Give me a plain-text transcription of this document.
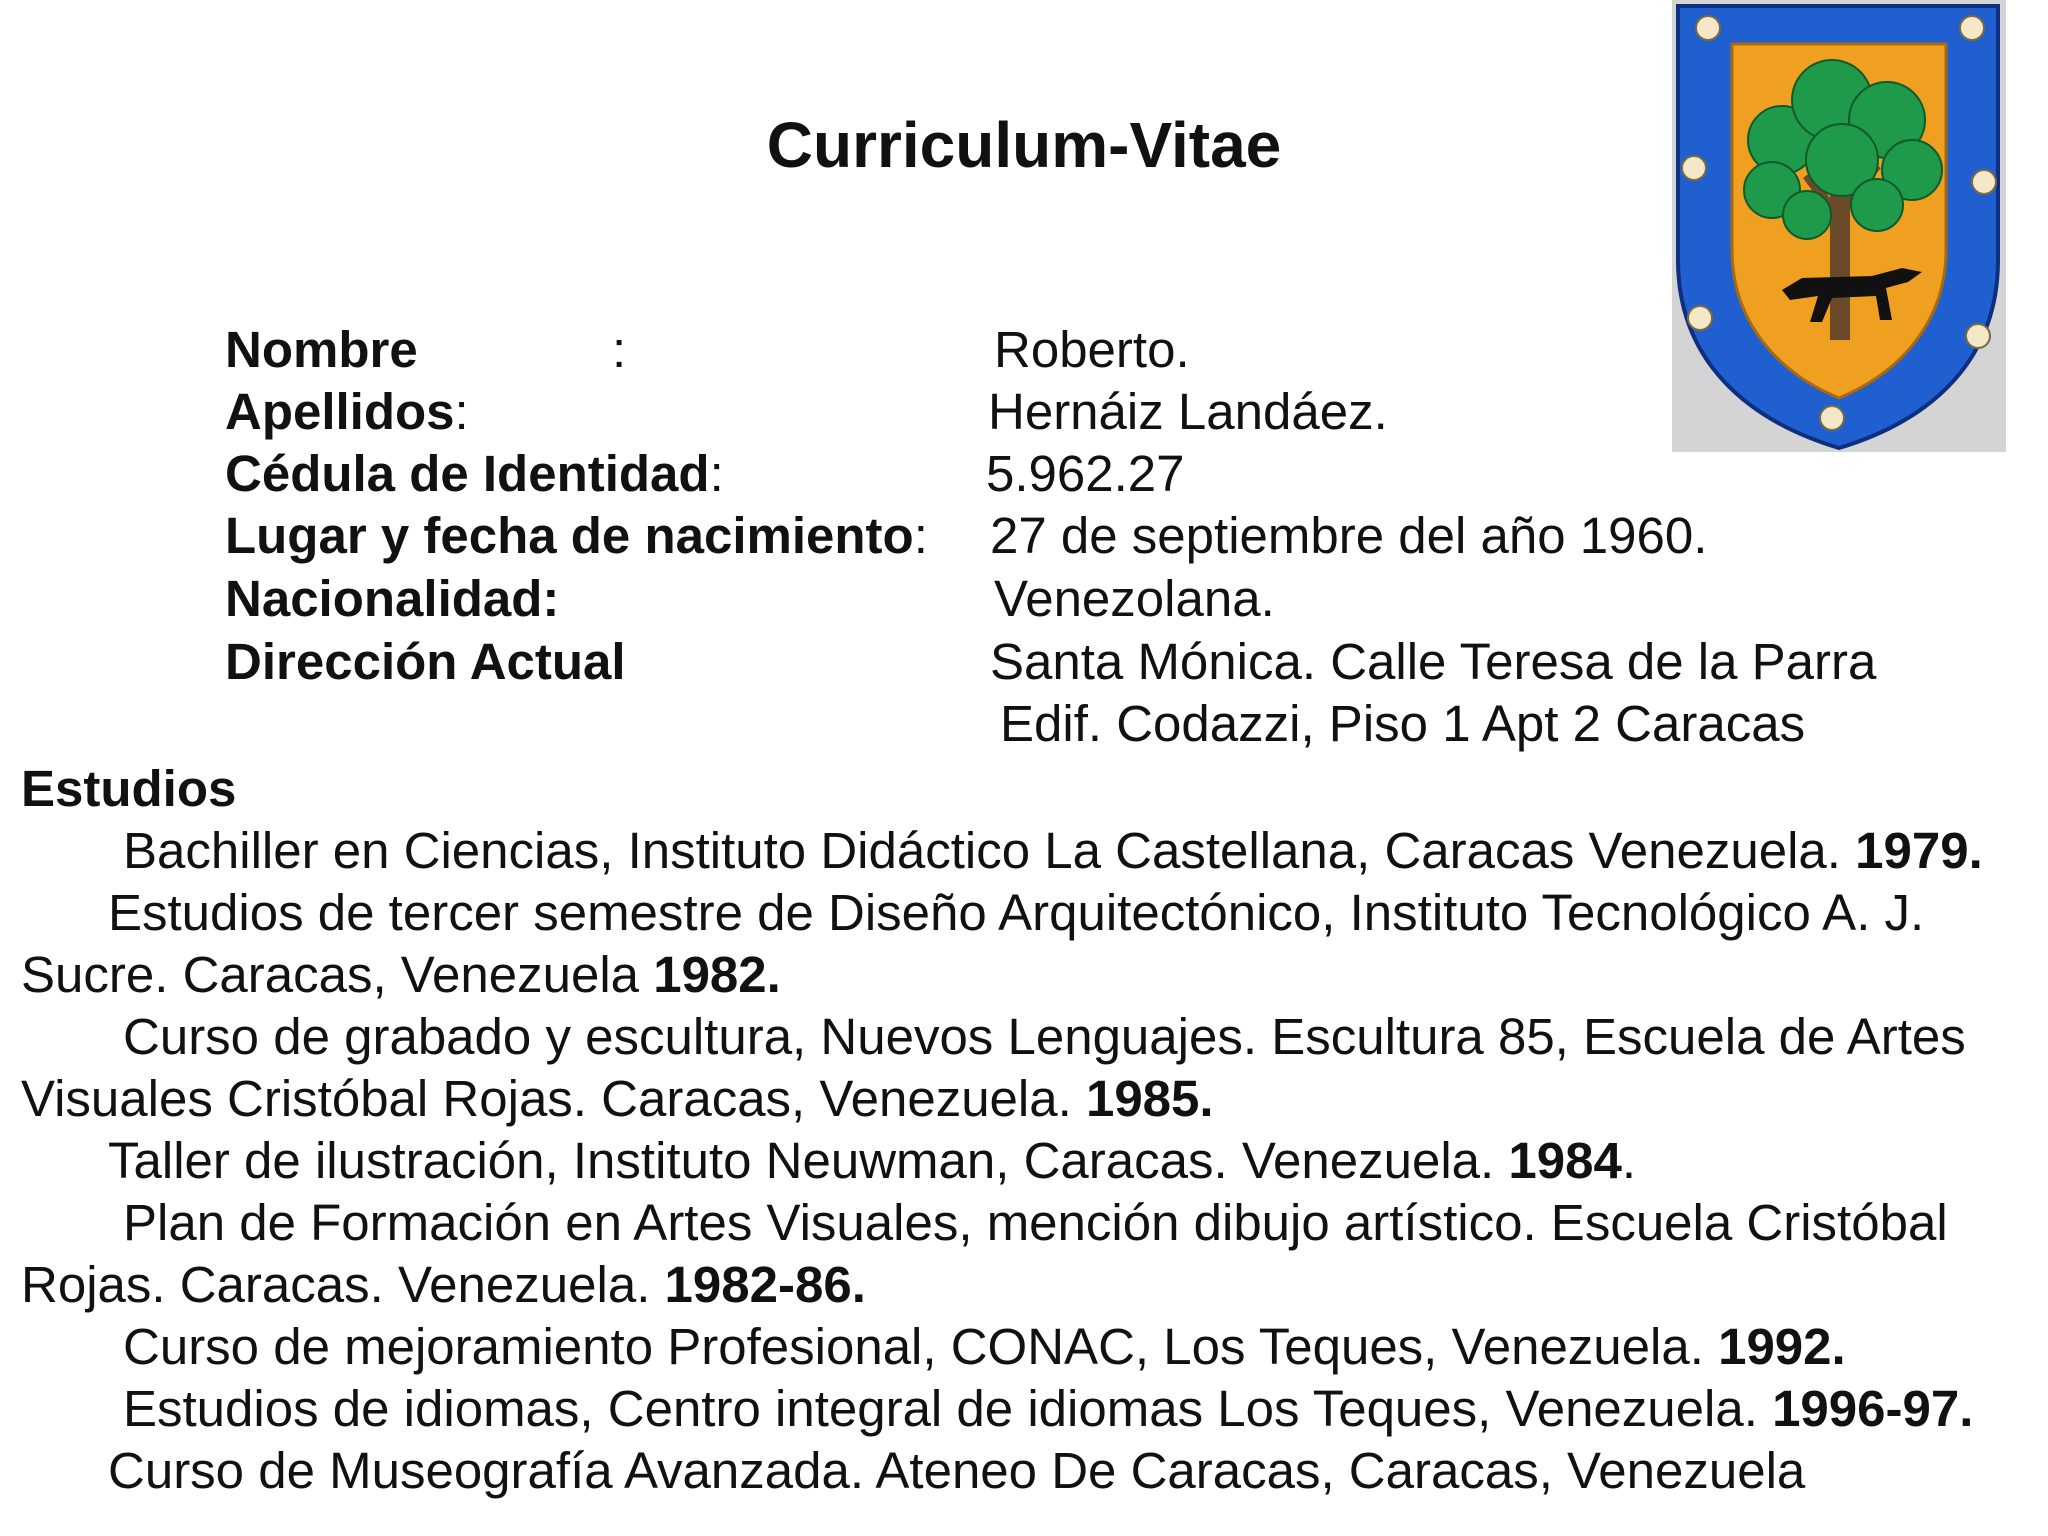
Curriculum-Vitae
Nombre	:	Roberto.
Apellidos:	Hernáiz Landáez.
Cédula de Identidad:	5.962.27
Lugar y fecha de nacimiento: 27 de septiembre del año 1960.
Nacionalidad:	Venezolana.
Dirección Actual	Santa Mónica. Calle Teresa de la Parra
Edif. Codazzi, Piso 1 Apt 2 Caracas

Estudios

Bachiller en Ciencias, Instituto Didáctico La Castellana, Caracas Venezuela. 1979.

Estudios de tercer semestre de Diseño Arquitectónico, Instituto Tecnológico A. J.

Sucre. Caracas, Venezuela 1982.

Curso de grabado y escultura, Nuevos Lenguajes. Escultura 85, Escuela de Artes

Visuales Cristóbal Rojas. Caracas, Venezuela. 1985.

Taller de ilustración, Instituto Neuwman, Caracas. Venezuela. 1984.

Plan de Formación en Artes Visuales, mención dibujo artístico. Escuela Cristóbal

Rojas. Caracas. Venezuela. 1982-86.

Curso de mejoramiento Profesional, CONAC, Los Teques, Venezuela. 1992.

Estudios de idiomas, Centro integral de idiomas Los Teques, Venezuela. 1996-97.

Curso de Museografía Avanzada. Ateneo De Caracas, Caracas, Venezuela
